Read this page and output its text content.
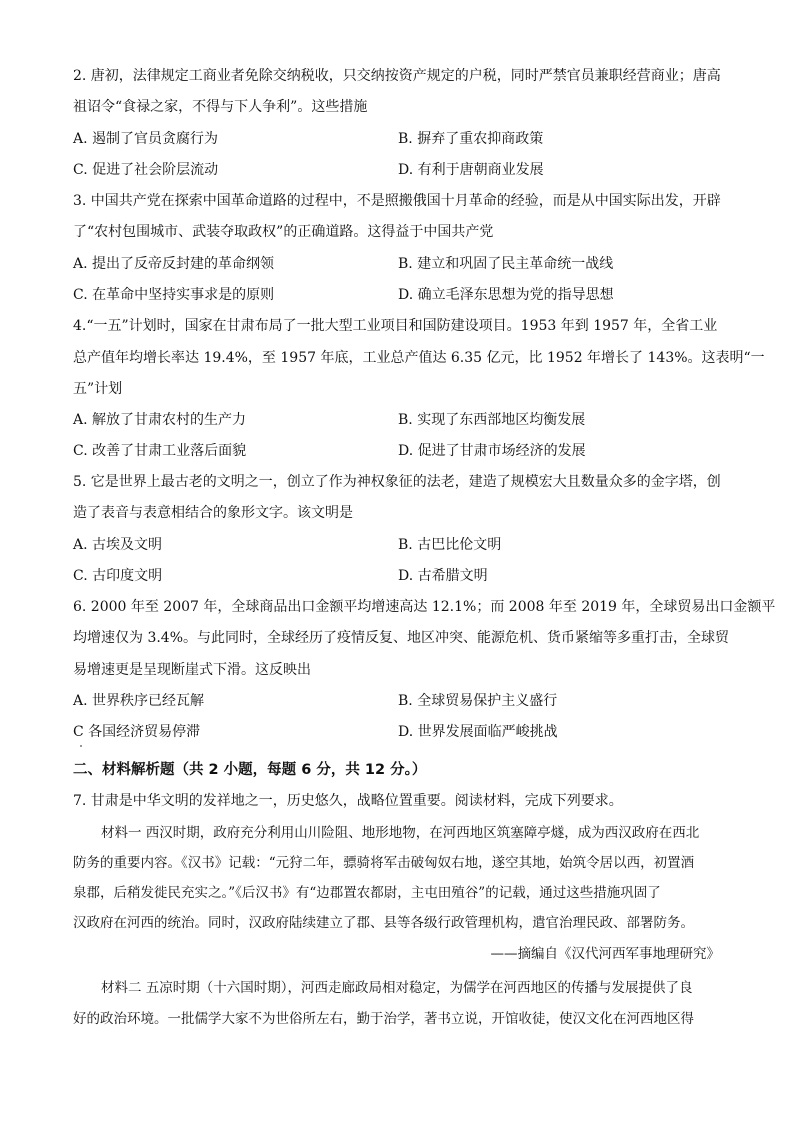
2. 唐初，法律规定工商业者免除交纳税收，只交纳按资产规定的户税，同时严禁官员兼职经营商业；唐高
祖诏令“食禄之家，不得与下人争利”。这些措施
A. 遏制了官员贪腐行为	B. 摒弃了重农抑商政策
C. 促进了社会阶层流动	D. 有利于唐朝商业发展
3. 中国共产党在探索中国革命道路的过程中，不是照搬俄国十月革命的经验，而是从中国实际出发，开辟
了“农村包围城市、武装夺取政权”的正确道路。这得益于中国共产党
A. 提出了反帝反封建的革命纲领	B. 建立和巩固了民主革命统一战线
C. 在革命中坚持实事求是的原则	D. 确立毛泽东思想为党的指导思想
4.“一五”计划时，国家在甘肃布局了一批大型工业项目和国防建设项目。1953 年到 1957 年，全省工业
总产值年均增长率达 19.4%，至 1957 年底，工业总产值达 6.35 亿元，比 1952 年增长了 143%。这表明“一
五”计划
A. 解放了甘肃农村的生产力	B. 实现了东西部地区均衡发展
C. 改善了甘肃工业落后面貌	D. 促进了甘肃市场经济的发展
5. 它是世界上最古老的文明之一，创立了作为神权象征的法老，建造了规模宏大且数量众多的金字塔，创
造了表音与表意相结合的象形文字。该文明是
A. 古埃及文明	B. 古巴比伦文明
C. 古印度文明	D. 古希腊文明
6. 2000 年至 2007 年，全球商品出口金额平均增速高达 12.1%；而 2008 年至 2019 年，全球贸易出口金额平
均增速仅为 3.4%。与此同时，全球经历了疫情反复、地区冲突、能源危机、货币紧缩等多重打击，全球贸
易增速更是呈现断崖式下滑。这反映出
A. 世界秩序已经瓦解	B. 全球贸易保护主义盛行
C 各国经济贸易停滞	D. 世界发展面临严峻挑战
二、材料解析题（共 2 小题，每题 6 分，共 12 分。）
7. 甘肃是中华文明的发祥地之一，历史悠久，战略位置重要。阅读材料，完成下列要求。
材料一 西汉时期，政府充分利用山川险阻、地形地物，在河西地区筑塞障亭燧，成为西汉政府在西北
防务的重要内容。《汉书》记载：“元狩二年，骠骑将军击破匈奴右地，遂空其地，始筑令居以西，初置酒
泉郡，后稍发徙民充实之。”《后汉书》有“边郡置农都尉，主屯田殖谷”的记载，通过这些措施巩固了
汉政府在河西的统治。同时，汉政府陆续建立了郡、县等各级行政管理机构，遣官治理民政、部署防务。
——摘编自《汉代河西军事地理研究》
材料二 五凉时期（十六国时期），河西走廊政局相对稳定，为儒学在河西地区的传播与发展提供了良
好的政治环境。一批儒学大家不为世俗所左右，勤于治学，著书立说，开馆收徒，使汉文化在河西地区得
